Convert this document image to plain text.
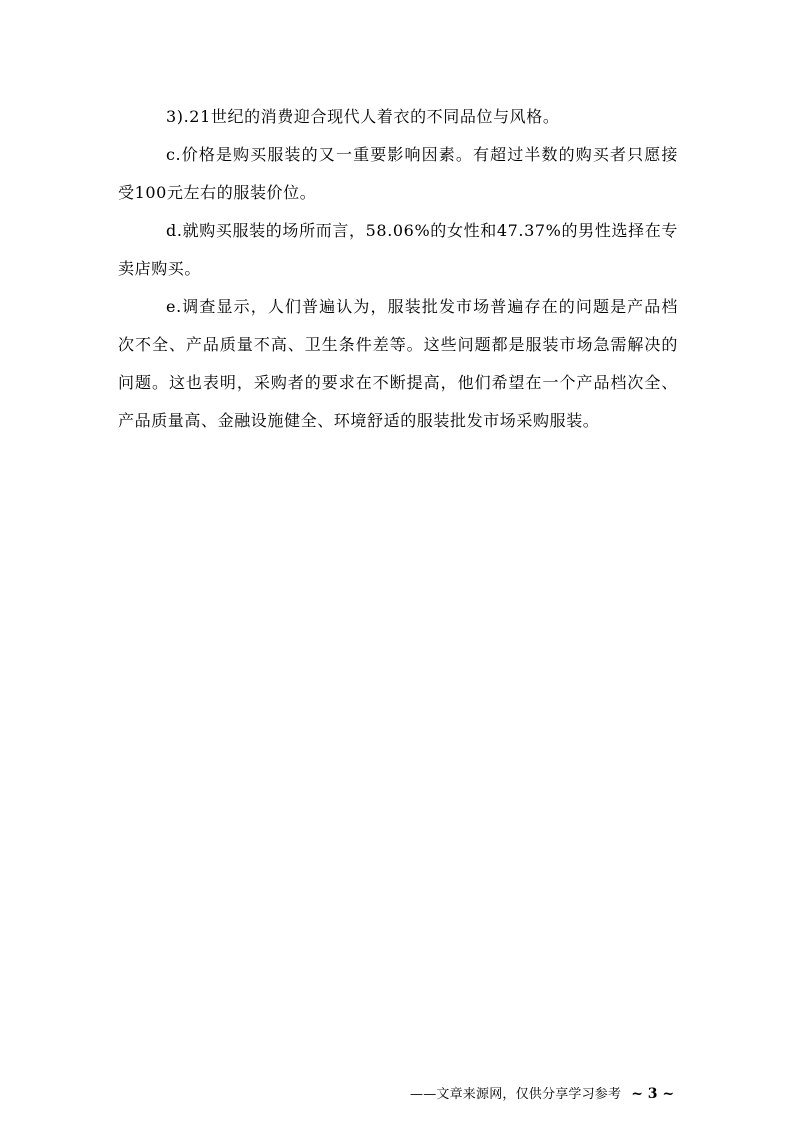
3).21世纪的消费迎合现代人着衣的不同品位与风格。

c.价格是购买服装的又一重要影响因素。有超过半数的购买者只愿接受100元左右的服装价位。

d.就购买服装的场所而言，58.06%的女性和47.37%的男性选择在专卖店购买。

e.调查显示，人们普遍认为，服装批发市场普遍存在的问题是产品档次不全、产品质量不高、卫生条件差等。这些问题都是服装市场急需解决的问题。这也表明，采购者的要求在不断提高，他们希望在一个产品档次全、产品质量高、金融设施健全、环境舒适的服装批发市场采购服装。

——文章来源网，仅供分享学习参考 ~ 3 ~
